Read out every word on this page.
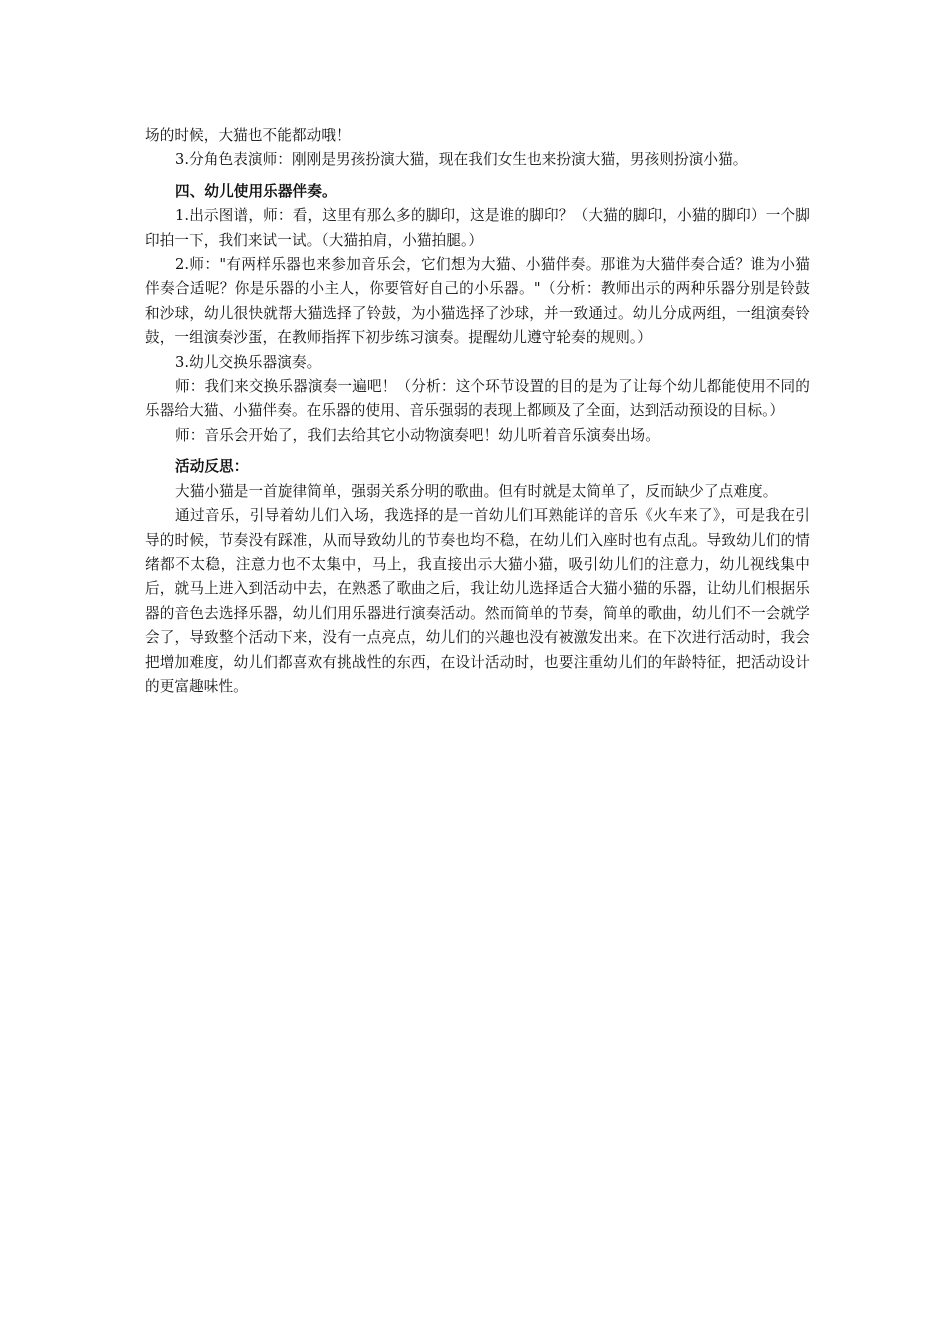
场的时候，大猫也不能都动哦！

3.分角色表演师：刚刚是男孩扮演大猫，现在我们女生也来扮演大猫，男孩则扮演小猫。

四、幼儿使用乐器伴奏。

1.出示图谱，师：看，这里有那么多的脚印，这是谁的脚印？（大猫的脚印，小猫的脚印）一个脚印拍一下，我们来试一试。（大猫拍肩，小猫拍腿。）

2.师："有两样乐器也来参加音乐会，它们想为大猫、小猫伴奏。那谁为大猫伴奏合适？谁为小猫伴奏合适呢？你是乐器的小主人，你要管好自己的小乐器。"（分析：教师出示的两种乐器分别是铃鼓和沙球，幼儿很快就帮大猫选择了铃鼓，为小猫选择了沙球，并一致通过。幼儿分成两组，一组演奏铃鼓，一组演奏沙蛋，在教师指挥下初步练习演奏。提醒幼儿遵守轮奏的规则。）

3.幼儿交换乐器演奏。

师：我们来交换乐器演奏一遍吧！（分析：这个环节设置的目的是为了让每个幼儿都能使用不同的乐器给大猫、小猫伴奏。在乐器的使用、音乐强弱的表现上都顾及了全面，达到活动预设的目标。）

师：音乐会开始了，我们去给其它小动物演奏吧！幼儿听着音乐演奏出场。

活动反思：

大猫小猫是一首旋律简单，强弱关系分明的歌曲。但有时就是太简单了，反而缺少了点难度。

通过音乐，引导着幼儿们入场，我选择的是一首幼儿们耳熟能详的音乐《火车来了》，可是我在引导的时候，节奏没有踩准，从而导致幼儿的节奏也均不稳，在幼儿们入座时也有点乱。导致幼儿们的情绪都不太稳，注意力也不太集中，马上，我直接出示大猫小猫，吸引幼儿们的注意力，幼儿视线集中后，就马上进入到活动中去，在熟悉了歌曲之后，我让幼儿选择适合大猫小猫的乐器，让幼儿们根据乐器的音色去选择乐器，幼儿们用乐器进行演奏活动。然而简单的节奏，简单的歌曲，幼儿们不一会就学会了，导致整个活动下来，没有一点亮点，幼儿们的兴趣也没有被激发出来。在下次进行活动时，我会把增加难度，幼儿们都喜欢有挑战性的东西，在设计活动时，也要注重幼儿们的年龄特征，把活动设计的更富趣味性。
